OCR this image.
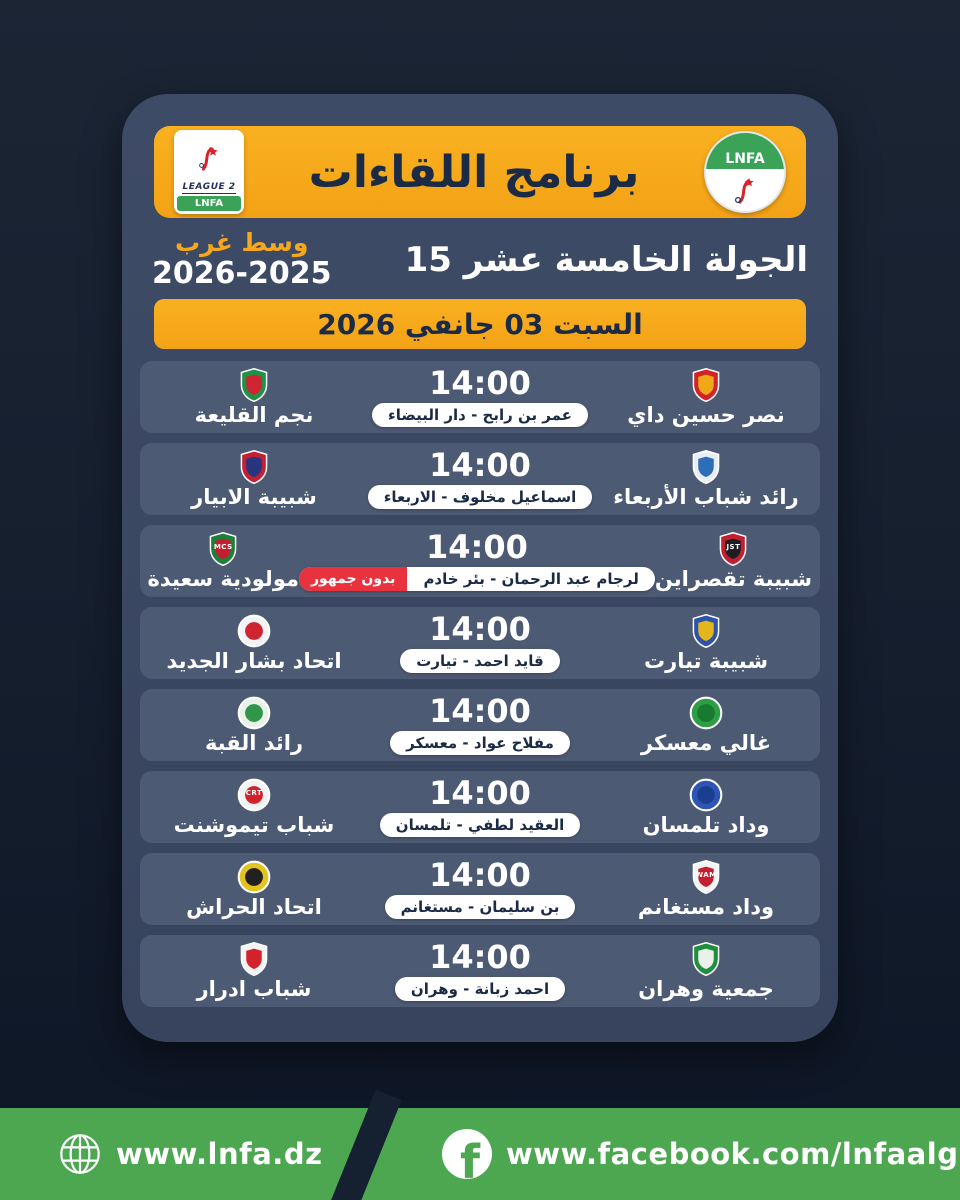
LEAGUE 2
LNFA
برنامج اللقاءات	LNFA
الجولة الخامسة عشر 15
وسط غرب
2026-2025
السبت 03 جانفي 2026
نصر حسين داي
14:00
عمر بن رابح - دار البيضاء
نجم القليعة
رائد شباب الأربعاء
14:00
اسماعيل مخلوف - الاربعاء
شبيبة الابيار
JST
شبيبة تقصراين
14:00
لرجام عبد الرحمان - بئر خادم
بدون جمهور
MCS
مولودية سعيدة
شبيبة تيارت
14:00
قايد احمد - تيارت
اتحاد بشار الجديد
غالي معسكر
14:00
مفلاح عواد - معسكر
رائد القبة
وداد تلمسان
14:00
العقيد لطفي - تلمسان
CRT
شباب تيموشنت
WAM
وداد مستغانم
14:00
بن سليمان - مستغانم
اتحاد الحراش
جمعية وهران
14:00
احمد زبانة - وهران
شباب ادرار
www.lnfa.dz	f www.facebook.com/lnfaalg
